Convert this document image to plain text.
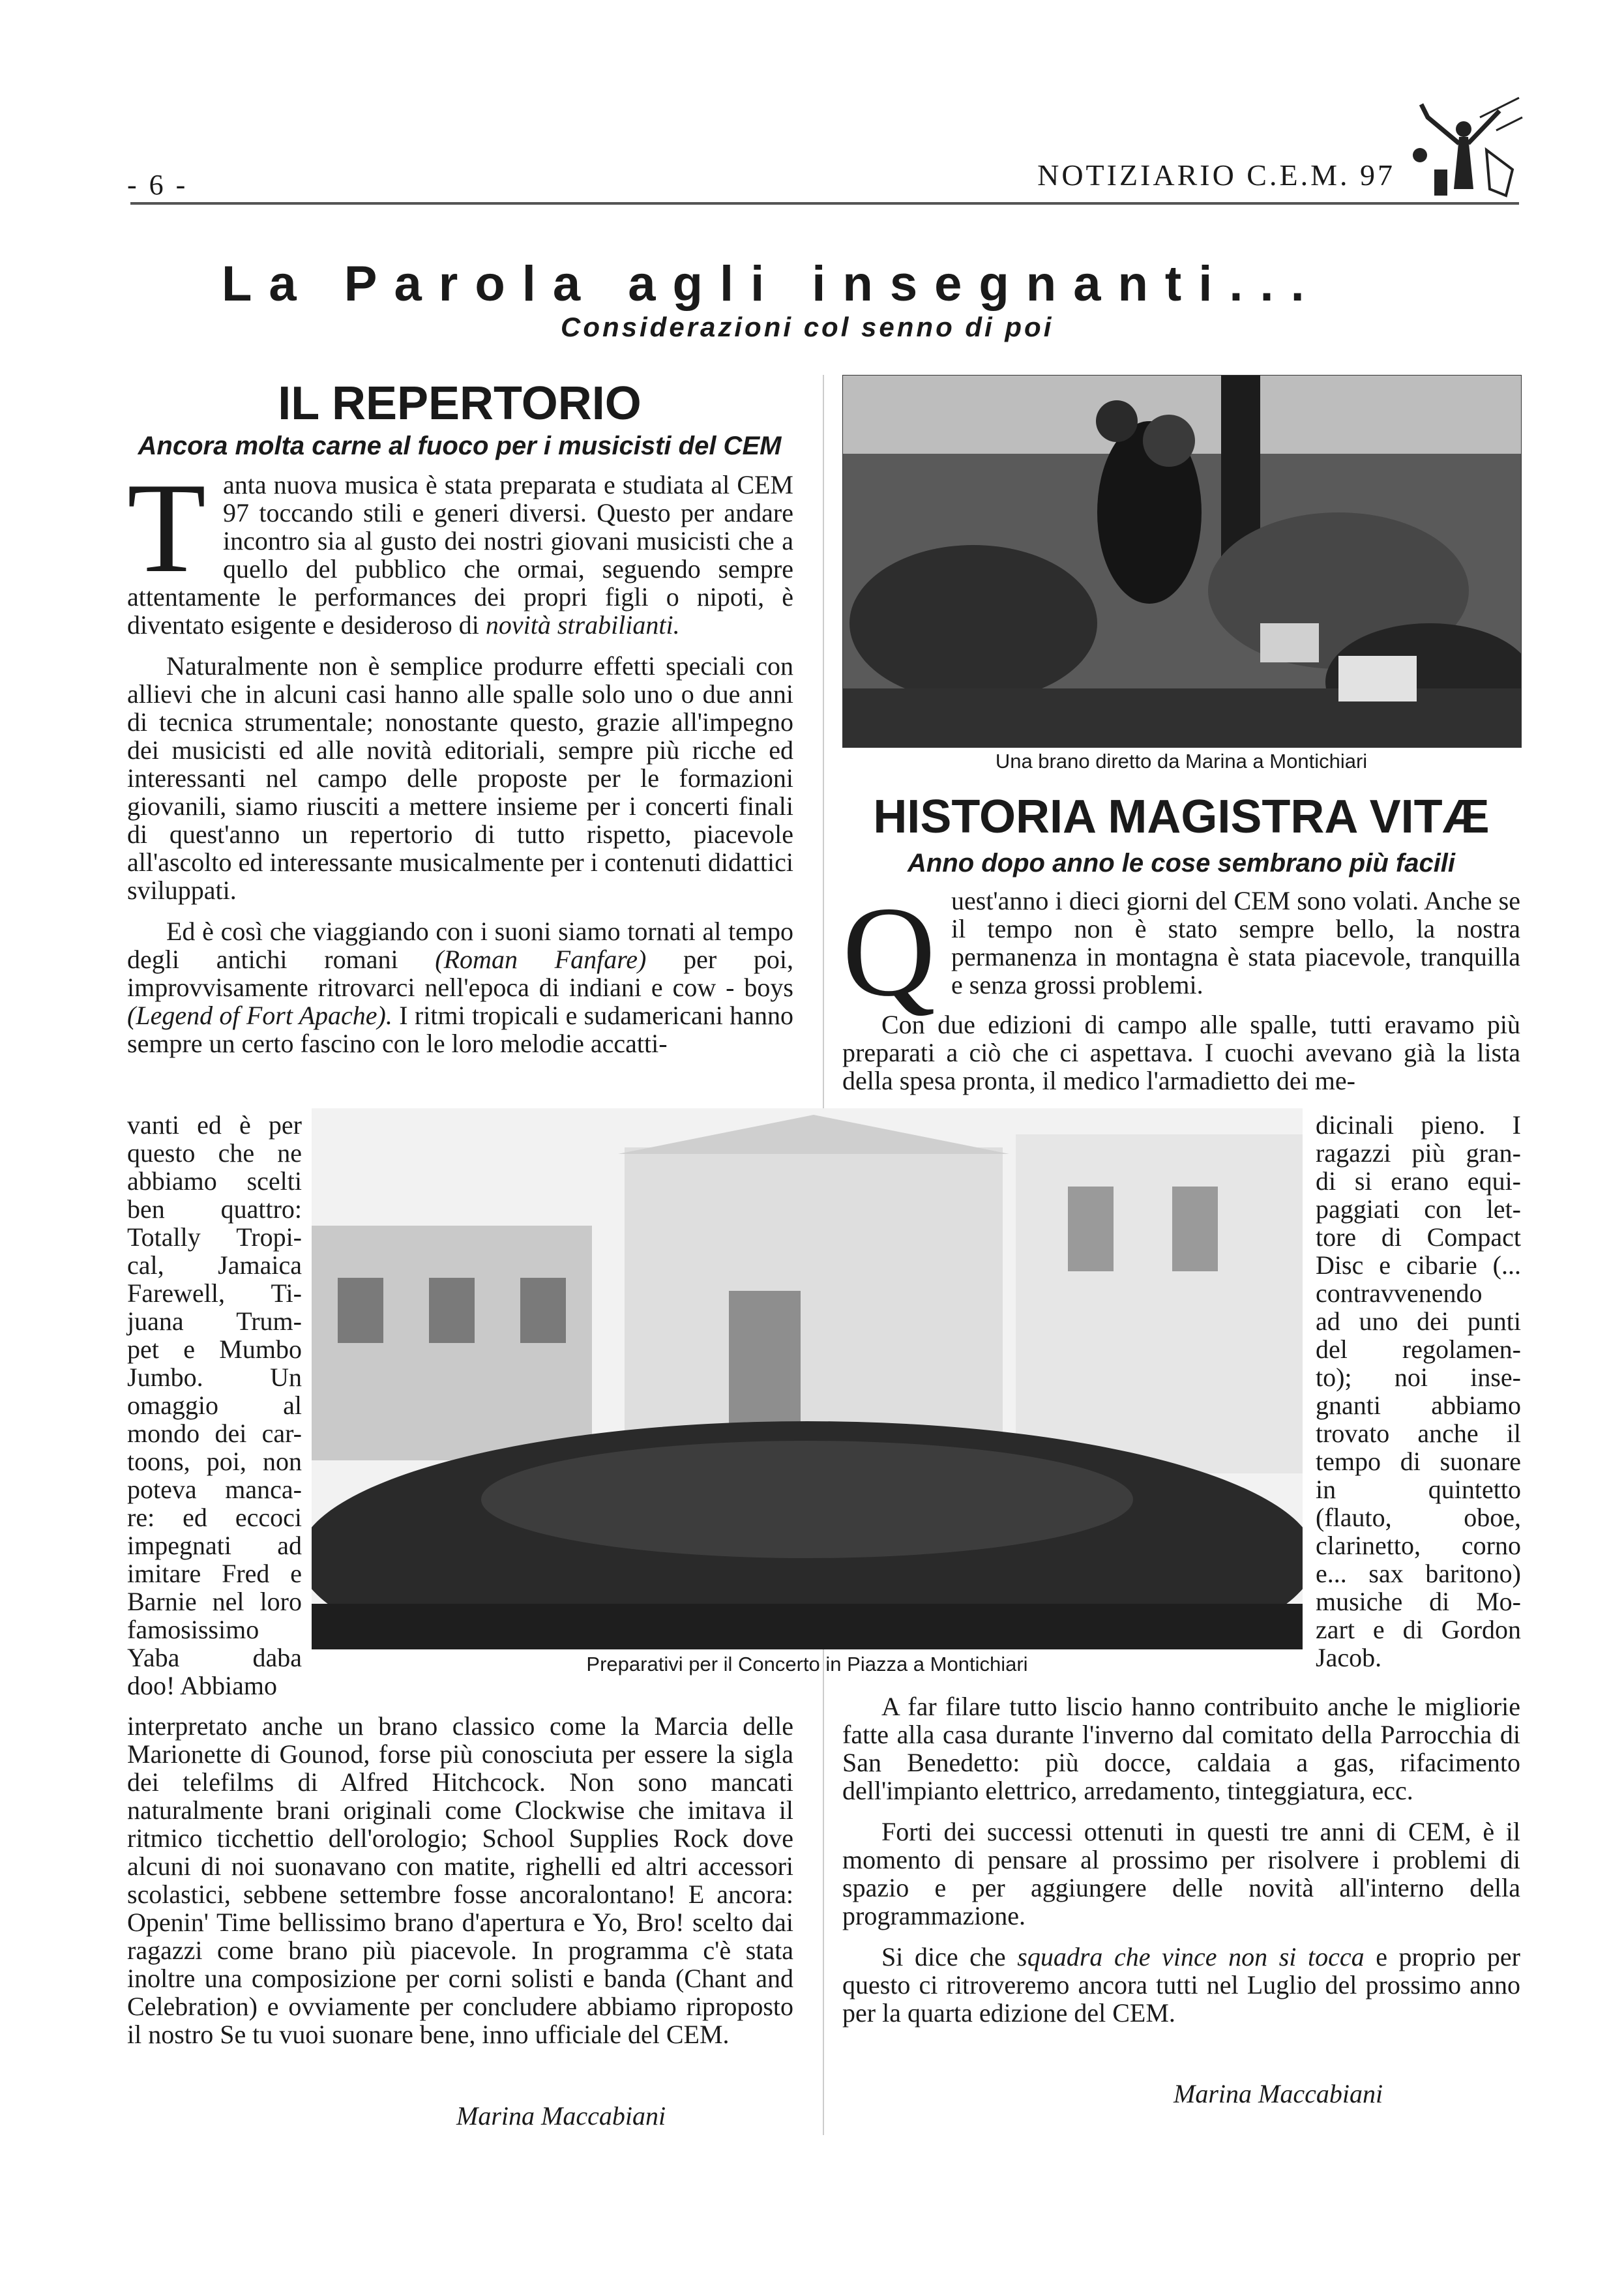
- 6 -	NOTIZIARIO C.E.M. 97
La Parola agli insegnanti...
Considerazioni col senno di poi
IL REPERTORIO
Ancora molta carne al fuoco per i musicisti del CEM

Tanta nuova musica è stata preparata e studiata al CEM 97 toccando stili e generi diversi. Questo per andare incontro sia al gusto dei nostri giovani musicisti che a quello del pubblico che ormai, seguendo sempre attentamente le performances dei propri figli o nipoti, è diventato esigente e desideroso di novità strabilianti.

Naturalmente non è semplice produrre effetti speciali con allievi che in alcuni casi hanno alle spalle solo uno o due anni di tecnica strumentale; nonostante questo, grazie all'impegno dei musicisti ed alle novità editoriali, sempre più ricche ed interessanti nel campo delle proposte per le formazioni giovanili, siamo riusciti a mettere insieme per i concerti finali di quest'anno un repertorio di tutto rispetto, piacevole all'ascolto ed interessante musicalmente per i contenuti didattici sviluppati.

Ed è così che viaggiando con i suoni siamo tornati al tempo degli antichi romani (Roman Fanfare) per poi, improvvisamente ritrovarci nell'epoca di indiani e cow - boys (Legend of Fort Apache). I ritmi tropicali e sudamericani hanno sempre un certo fascino con le loro melodie accatti-

vanti ed è per
questo che ne
abbiamo scelti
ben quattro:
Totally Tropi-
cal, Jamaica
Farewell, Ti-
juana Trum-
pet e Mumbo
Jumbo. Un
omaggio al
mondo dei car-
toons, poi, non
poteva manca-
re: ed eccoci
impegnati ad
imitare Fred e
Barnie nel loro
famosissimo
Yaba daba
doo! Abbiamo

interpretato anche un brano classico come la Marcia delle Marionette di Gounod, forse più conosciuta per essere la sigla dei telefilms di Alfred Hitchcock. Non sono mancati naturalmente brani originali come Clockwise che imitava il ritmico ticchettio dell'orologio; School Supplies Rock dove alcuni di noi suonavano con matite, righelli ed altri accessori scolastici, sebbene settembre fosse ancoralontano! E ancora: Openin' Time bellissimo brano d'apertura e Yo, Bro! scelto dai ragazzi come brano più piacevole. In programma c'è stata inoltre una composizione per corni solisti e banda (Chant and Celebration) e ovviamente per concludere abbiamo riproposto il nostro Se tu vuoi suonare bene, inno ufficiale del CEM.

Marina Maccabiani
Una brano diretto da Marina a Montichiari
HISTORIA MAGISTRA VITÆ
Anno dopo anno le cose sembrano più facili

Quest'anno i dieci giorni del CEM sono volati. Anche se il tempo non è stato sempre bello, la nostra permanenza in montagna è stata piacevole, tranquilla e senza grossi problemi.

Con due edizioni di campo alle spalle, tutti eravamo più preparati a ciò che ci aspettava. I cuochi avevano già la lista della spesa pronta, il medico l'armadietto dei me-

dicinali pieno. I
ragazzi più gran-
di si erano equi-
paggiati con let-
tore di Compact
Disc e cibarie (...
contravvenendo
ad uno dei punti
del regolamen-
to); noi inse-
gnanti abbiamo
trovato anche il
tempo di suonare
in quintetto
(flauto, oboe,
clarinetto, corno
e... sax baritono)
musiche di Mo-
zart e di Gordon
Jacob.
Preparativi per il Concerto in Piazza a Montichiari

A far filare tutto liscio hanno contribuito anche le migliorie fatte alla casa durante l'inverno dal comitato della Parrocchia di San Benedetto: più docce, caldaia a gas, rifacimento dell'impianto elettrico, arredamento, tinteggiatura, ecc.

Forti dei successi ottenuti in questi tre anni di CEM, è il momento di pensare al prossimo per risolvere i problemi di spazio e per aggiungere delle novità all'interno della programmazione.

Si dice che squadra che vince non si tocca e proprio per questo ci ritroveremo ancora tutti nel Luglio del prossimo anno per la quarta edizione del CEM.

Marina Maccabiani
